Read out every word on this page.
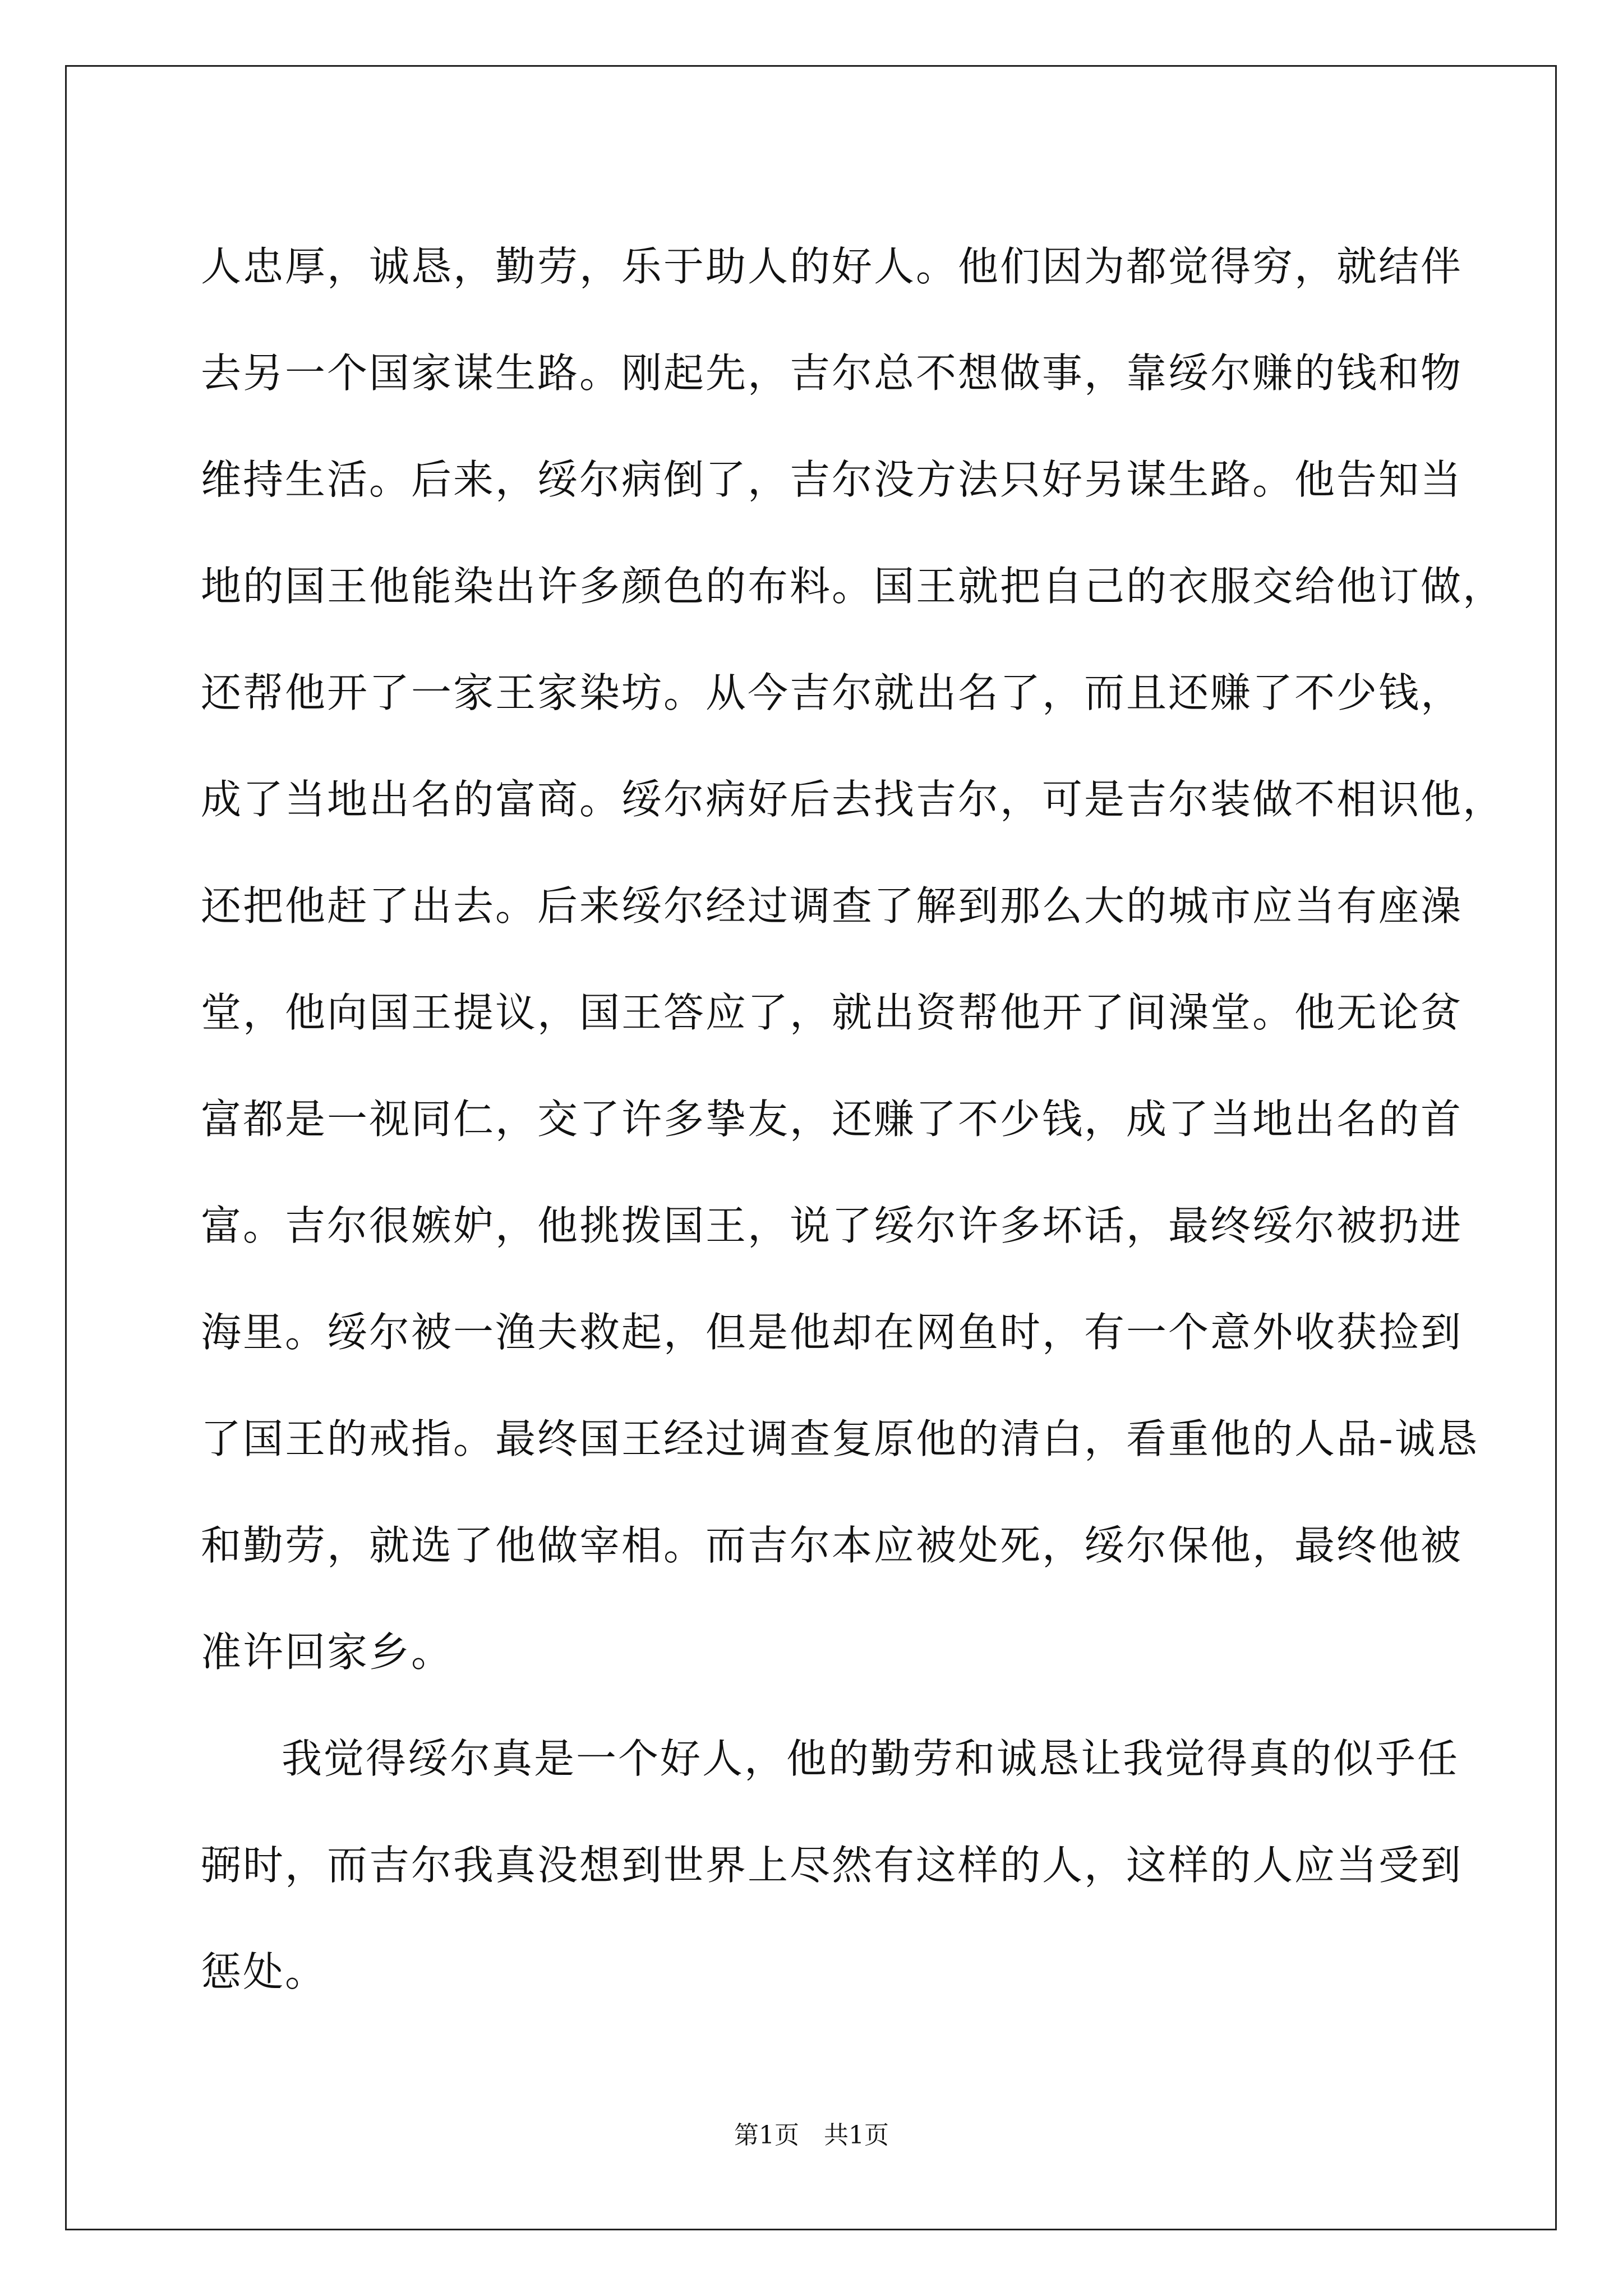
人忠厚，诚恳，勤劳，乐于助人的好人。他们因为都觉得穷，就结伴
去另一个国家谋生路。刚起先，吉尔总不想做事，靠绥尔赚的钱和物
维持生活。后来，绥尔病倒了，吉尔没方法只好另谋生路。他告知当
地的国王他能染出许多颜色的布料。国王就把自己的衣服交给他订做，
还帮他开了一家王家染坊。从今吉尔就出名了，而且还赚了不少钱，
成了当地出名的富商。绥尔病好后去找吉尔，可是吉尔装做不相识他，
还把他赶了出去。后来绥尔经过调查了解到那么大的城市应当有座澡
堂，他向国王提议，国王答应了，就出资帮他开了间澡堂。他无论贫
富都是一视同仁，交了许多挚友，还赚了不少钱，成了当地出名的首
富。吉尔很嫉妒，他挑拨国王，说了绥尔许多坏话，最终绥尔被扔进
海里。绥尔被一渔夫救起，但是他却在网鱼时，有一个意外收获捡到
了国王的戒指。最终国王经过调查复原他的清白，看重他的人品-诚恳
和勤劳，就选了他做宰相。而吉尔本应被处死，绥尔保他，最终他被
准许回家乡。
我觉得绥尔真是一个好人，他的勤劳和诚恳让我觉得真的似乎任
弼时，而吉尔我真没想到世界上尽然有这样的人，这样的人应当受到
惩处。
第1页 共1页
